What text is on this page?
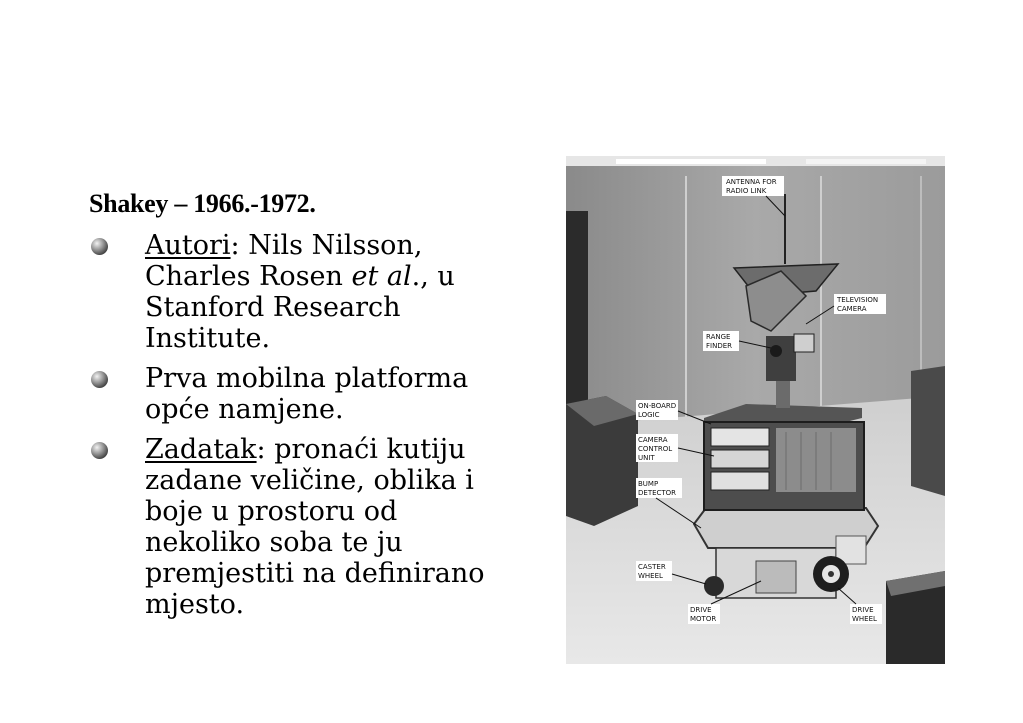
Shakey – 1966.-1972.
Autori: Nils Nilsson, Charles Rosen et al., u Stanford Research Institute.
Prva mobilna platforma opće namjene.
Zadatak: pronaći kutiju zadane veličine, oblika i boje u prostoru od nekoliko soba te ju premjestiti na definirano mjesto.
ANTENNA FOR
RADIO LINK
TELEVISION
CAMERA
RANGE
FINDER
ON-BOARD
LOGIC
CAMERA
CONTROL
UNIT
BUMP
DETECTOR
CASTER
WHEEL
DRIVE
MOTOR
DRIVE
WHEEL
